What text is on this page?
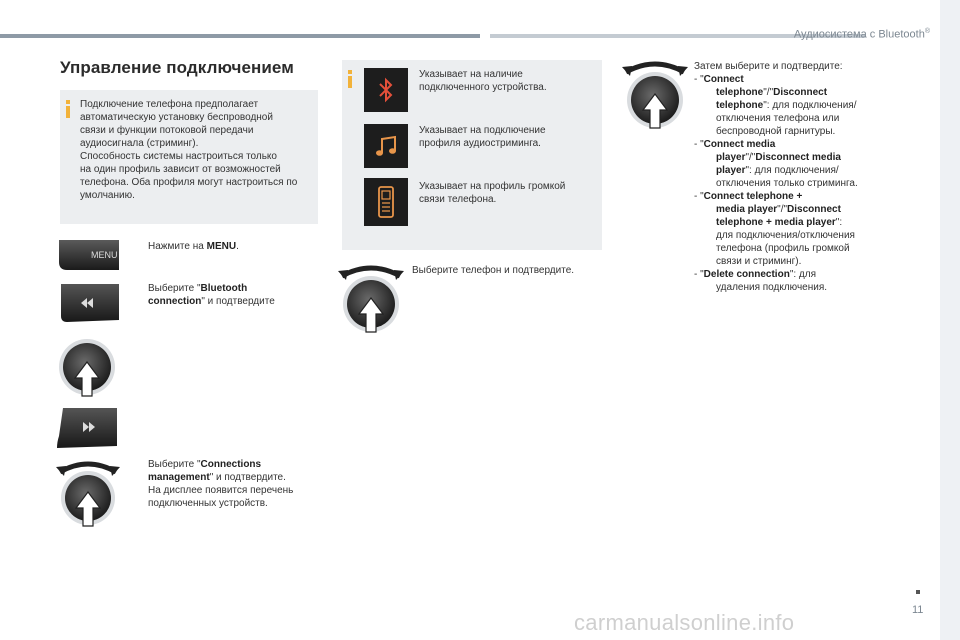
Аудиосистема с Bluetooth®
11
Управление подключением
Подключение телефона предполагает
автоматическую установку беспроводной
связи и функции потоковой передачи
аудиосигнала (стриминг).
Способность системы настроиться только
на один профиль зависит от возможностей
телефона. Оба профиля могут настроиться по
умолчанию.
MENU
Нажмите на MENU.
Выберите "Bluetooth
connection" и подтвердите
Выберите "Connections
management" и подтвердите.
На дисплее появится перечень
подключенных устройств.
Указывает на наличие
подключенного устройства.
Указывает на подключение
профиля аудиостриминга.
Указывает на профиль громкой
связи телефона.
Выберите телефон и подтвердите.
Затем выберите и подтвердите:
- "Connect
telephone"/"Disconnect
telephone": для подключения/
отключения телефона или
беспроводной гарнитуры.
- "Connect media
player"/"Disconnect media
player": для подключения/
отключения только стриминга.
- "Connect telephone +
media player"/"Disconnect
telephone + media player":
для подключения/отключения
телефона (профиль громкой
связи и стриминг).
- "Delete connection": для
удаления подключения.
carmanualsonline.info
